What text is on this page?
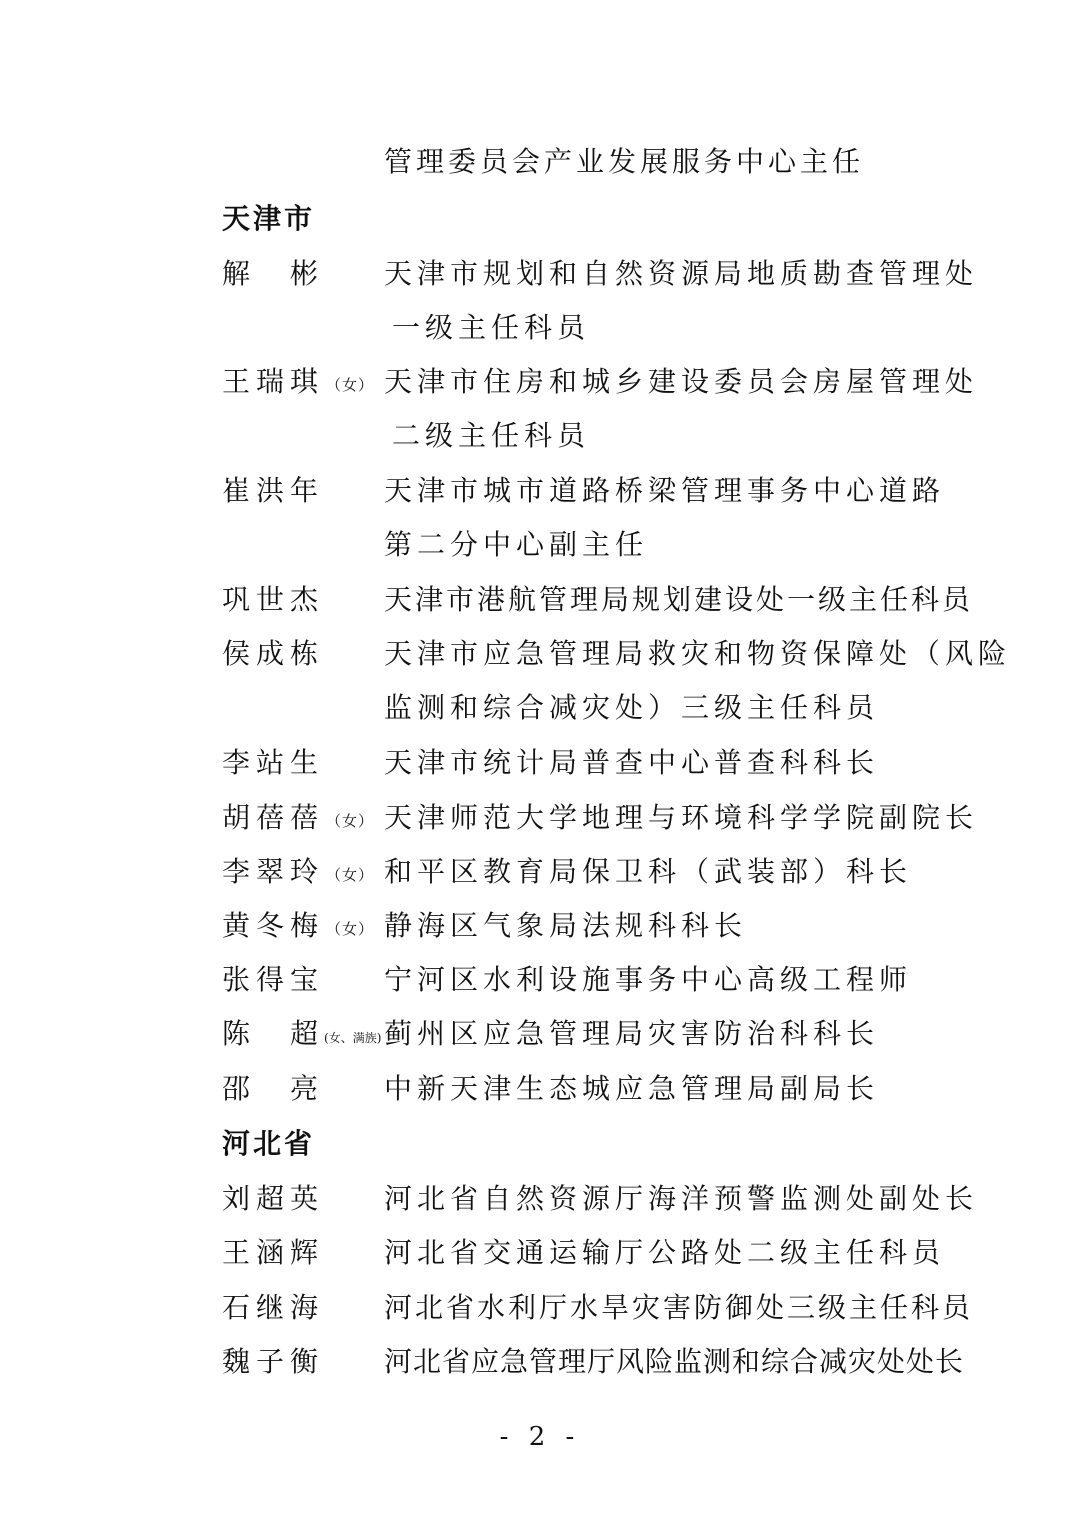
管理委员会产业发展服务中心主任
天津市
解　彬 天津市规划和自然资源局地质勘查管理处
一级主任科员
王瑞琪 （女） 天津市住房和城乡建设委员会房屋管理处
二级主任科员
崔洪年 天津市城市道路桥梁管理事务中心道路
第二分中心副主任
巩世杰 天津市港航管理局规划建设处一级主任科员
侯成栋 天津市应急管理局救灾和物资保障处（风险
监测和综合减灾处）三级主任科员
李站生 天津市统计局普查中心普查科科长
胡蓓蓓 （女） 天津师范大学地理与环境科学学院副院长
李翠玲 （女） 和平区教育局保卫科（武装部）科长
黄冬梅 （女） 静海区气象局法规科科长
张得宝 宁河区水利设施事务中心高级工程师
陈　超(女、满族) 蓟州区应急管理局灾害防治科科长
邵　亮 中新天津生态城应急管理局副局长
河北省
刘超英 河北省自然资源厅海洋预警监测处副处长
王涵辉 河北省交通运输厅公路处二级主任科员
石继海 河北省水利厅水旱灾害防御处三级主任科员
魏子衡 河北省应急管理厅风险监测和综合减灾处处长
- 2 -
